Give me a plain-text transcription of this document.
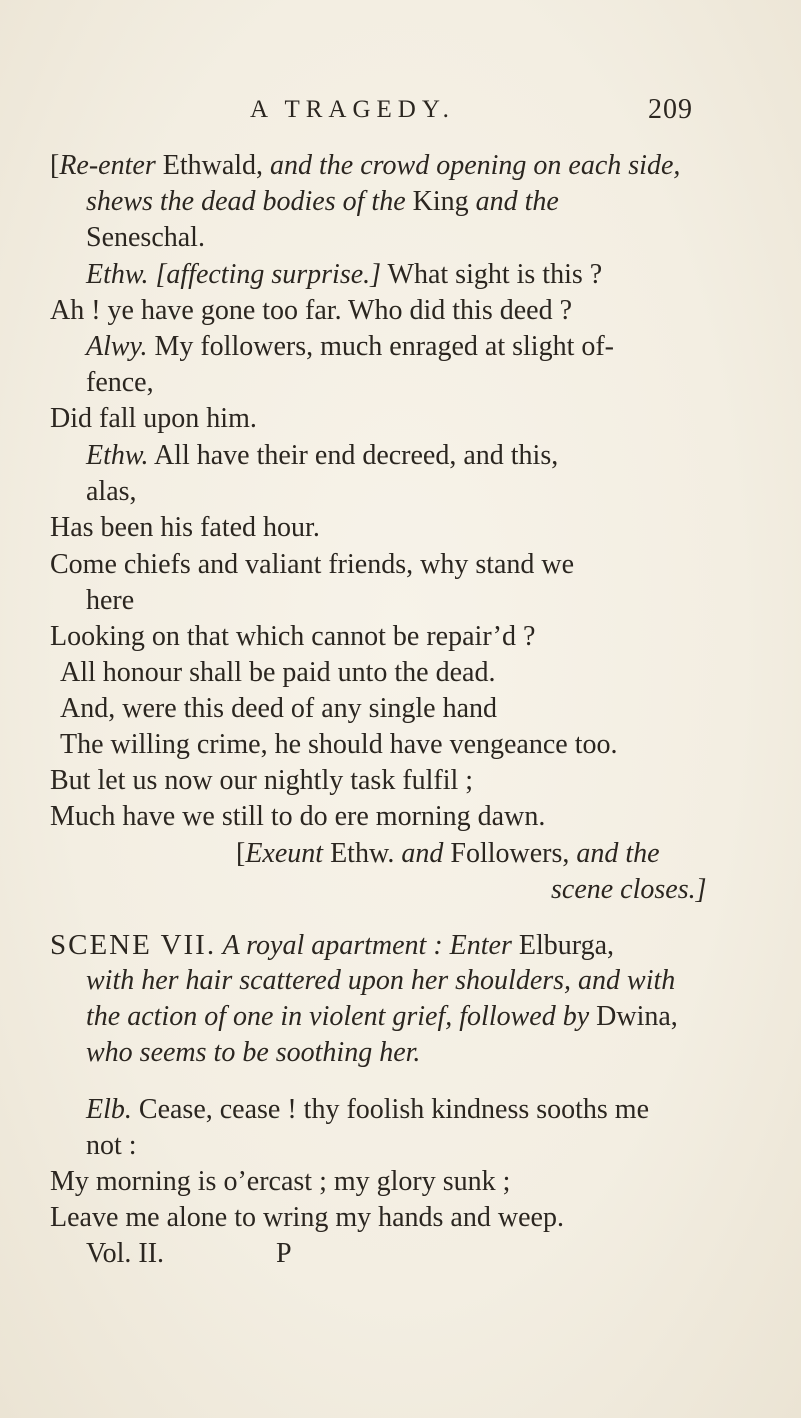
A TRAGEDY.	209
[Re-enter Ethwald, and the crowd opening on each side,
shews the dead bodies of the King and the
Seneschal.
Ethw. [affecting surprise.] What sight is this ?
Ah ! ye have gone too far. Who did this deed ?
Alwy. My followers, much enraged at slight of-
fence,
Did fall upon him.
Ethw. All have their end decreed, and this,
alas,
Has been his fated hour.
Come chiefs and valiant friends, why stand we
here
Looking on that which cannot be repair’d ?
All honour shall be paid unto the dead.
And, were this deed of any single hand
The willing crime, he should have vengeance too.
But let us now our nightly task fulfil ;
Much have we still to do ere morning dawn.
[Exeunt Ethw. and Followers, and the
scene closes.]
SCENE VII. A royal apartment : Enter Elburga,
with her hair scattered upon her shoulders, and with
the action of one in violent grief, followed by Dwina,
who seems to be soothing her.
Elb. Cease, cease ! thy foolish kindness sooths me
not :
My morning is o’ercast ; my glory sunk ;
Leave me alone to wring my hands and weep.
Vol. II.	P
